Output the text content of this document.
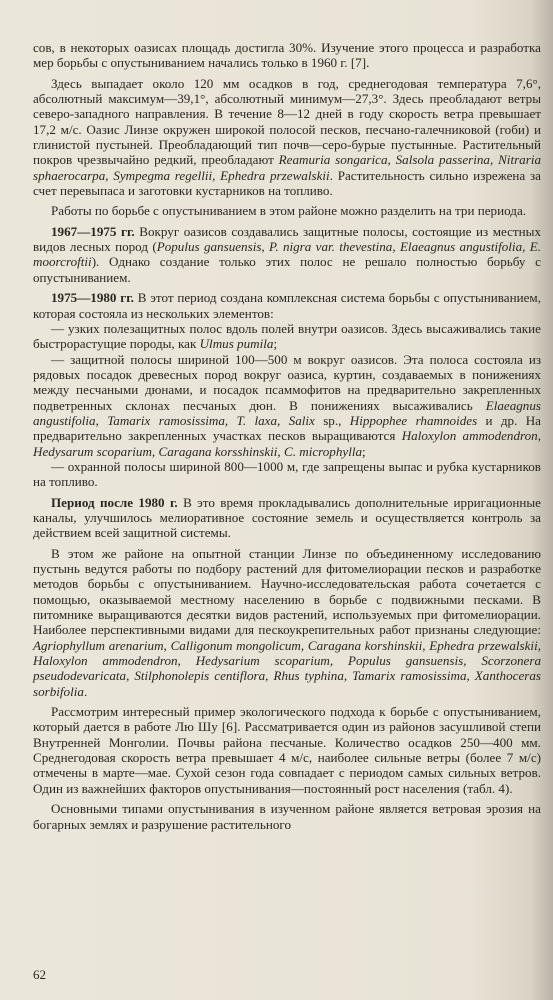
сов, в некоторых оазисах площадь достигла 30%. Изучение этого процесса и разработка мер борьбы с опустыниванием начались только в 1960 г. [7].

Здесь выпадает около 120 мм осадков в год, среднегодовая температура 7,6°, абсолютный максимум—39,1°, абсолютный минимум—27,3°. Здесь преобладают ветры северо-западного направления. В течение 8—12 дней в году скорость ветра превышает 17,2 м/с. Оазис Линзе окружен широкой полосой песков, песчано-галечниковой (гоби) и глинистой пустыней. Преобладающий тип почв—серо-бурые пустынные. Растительный покров чрезвычайно редкий, преобладают Reamuria songarica, Salsola passerina, Nitraria sphaerocarpa, Sympegma regellii, Ephedra przewalskii. Растительность сильно изрежена за счет перевыпаса и заготовки кустарников на топливо.

Работы по борьбе с опустыниванием в этом районе можно разделить на три периода.

1967—1975 гг. Вокруг оазисов создавались защитные полосы, состоящие из местных видов лесных пород (Populus gansuensis, P. nigra var. thevestina, Elaeagnus angustifolia, E. moorcroftii). Однако создание только этих полос не решало полностью борьбу с опустыниванием.

1975—1980 гг. В этот период создана комплексная система борьбы с опустыниванием, которая состояла из нескольких элементов:

— узких полезащитных полос вдоль полей внутри оазисов. Здесь высаживались такие быстрорастущие породы, как Ulmus pumila;

— защитной полосы шириной 100—500 м вокруг оазисов. Эта полоса состояла из рядовых посадок древесных пород вокруг оазиса, куртин, создаваемых в понижениях между песчаными дюнами, и посадок псаммофитов на предварительно закрепленных подветренных склонах песчаных дюн. В понижениях высаживались Elaeagnus angustifolia, Tamarix ramosissima, T. laxa, Salix sp., Hippophee rhamnoides и др. На предварительно закрепленных участках песков выращиваются Haloxylon ammodendron, Hedysarum scoparium, Caragana korsshinskii, C. microphylla;

— охранной полосы шириной 800—1000 м, где запрещены выпас и рубка кустарников на топливо.

Период после 1980 г. В это время прокладывались дополнительные ирригационные каналы, улучшилось мелиоративное состояние земель и осуществляется контроль за действием всей защитной системы.

В этом же районе на опытной станции Линзе по объединенному исследованию пустынь ведутся работы по подбору растений для фитомелиорации песков и разработке методов борьбы с опустыниванием. Научно-исследовательская работа сочетается с помощью, оказываемой местному населению в борьбе с подвижными песками. В питомнике выращиваются десятки видов растений, используемых при фитомелиорации. Наиболее перспективными видами для пескоукрепительных работ признаны следующие: Agriophyllum arenarium, Calligonum mongolicum, Caragana korshinskii, Ephedra przewalskii, Haloxylon ammodendron, Hedysarium scoparium, Populus gansuensis, Scorzonera pseudodevaricata, Stilphonolepis centiflora, Rhus typhina, Tamarix ramosissima, Xanthoceras sorbifolia.

Рассмотрим интересный пример экологического подхода к борьбе с опустыниванием, который дается в работе Лю Шу [6]. Рассматривается один из районов засушливой степи Внутренней Монголии. Почвы района песчаные. Количество осадков 250—400 мм. Среднегодовая скорость ветра превышает 4 м/с, наиболее сильные ветры (более 7 м/с) отмечены в марте—мае. Сухой сезон года совпадает с периодом самых сильных ветров. Один из важнейших факторов опустынивания—постоянный рост населения (табл. 4).

Основными типами опустынивания в изученном районе является ветровая эрозия на богарных землях и разрушение растительного

62
